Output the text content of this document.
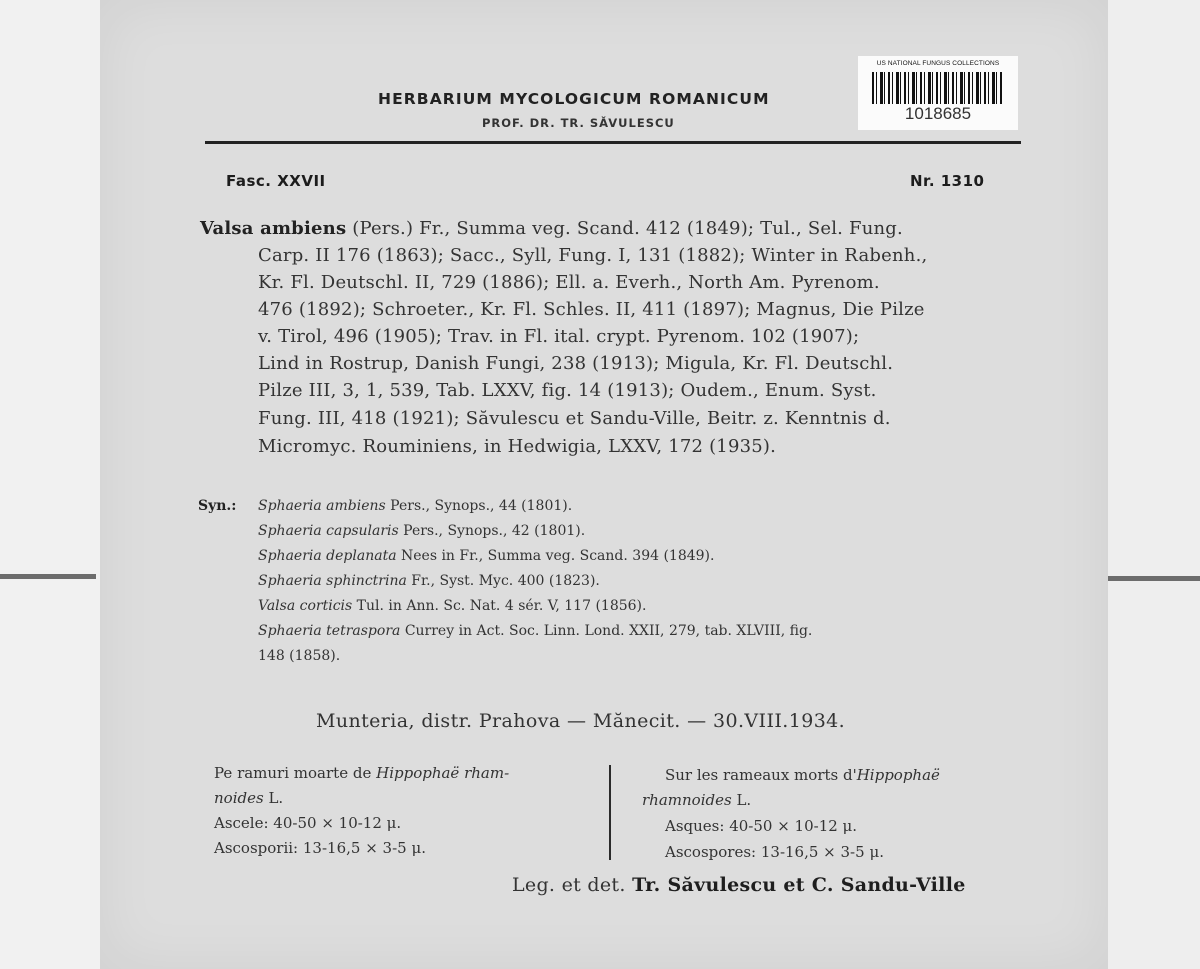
HERBARIUM MYCOLOGICUM ROMANICUM
PROF. DR. TR. SĂVULESCU
US NATIONAL FUNGUS COLLECTIONS
1018685
Fasc. XXVII	Nr. 1310
Valsa ambiens (Pers.) Fr., Summa veg. Scand. 412 (1849); Tul., Sel. Fung.
Carp. II 176 (1863); Sacc., Syll, Fung. I, 131 (1882); Winter in Rabenh.,
Kr. Fl. Deutschl. II, 729 (1886); Ell. a. Everh., North Am. Pyrenom.
476 (1892); Schroeter., Kr. Fl. Schles. II, 411 (1897); Magnus, Die Pilze
v. Tirol, 496 (1905); Trav. in Fl. ital. crypt. Pyrenom. 102 (1907);
Lind in Rostrup, Danish Fungi, 238 (1913); Migula, Kr. Fl. Deutschl.
Pilze III, 3, 1, 539, Tab. LXXV, fig. 14 (1913); Oudem., Enum. Syst.
Fung. III, 418 (1921); Săvulescu et Sandu-Ville, Beitr. z. Kenntnis d.
Micromyc. Rouminiens, in Hedwigia, LXXV, 172 (1935).
Syn.: Sphaeria ambiens Pers., Synops., 44 (1801).
Sphaeria capsularis Pers., Synops., 42 (1801).
Sphaeria deplanata Nees in Fr., Summa veg. Scand. 394 (1849).
Sphaeria sphinctrina Fr., Syst. Myc. 400 (1823).
Valsa corticis Tul. in Ann. Sc. Nat. 4 sér. V, 117 (1856).
Sphaeria tetraspora Currey in Act. Soc. Linn. Lond. XXII, 279, tab. XLVIII, fig.
148 (1858).
Munteria, distr. Prahova — Mănecit. — 30.VIII.1934.
Pe ramuri moarte de Hippophaë rham-
noides L.
Ascele: 40-50 × 10-12 μ.
Ascosporii: 13-16,5 × 3-5 μ.
Sur les rameaux morts d'Hippophaë
rhamnoides L.
Asques: 40-50 × 10-12 μ.
Ascospores: 13-16,5 × 3-5 μ.
Leg. et det. Tr. Săvulescu et C. Sandu-Ville
